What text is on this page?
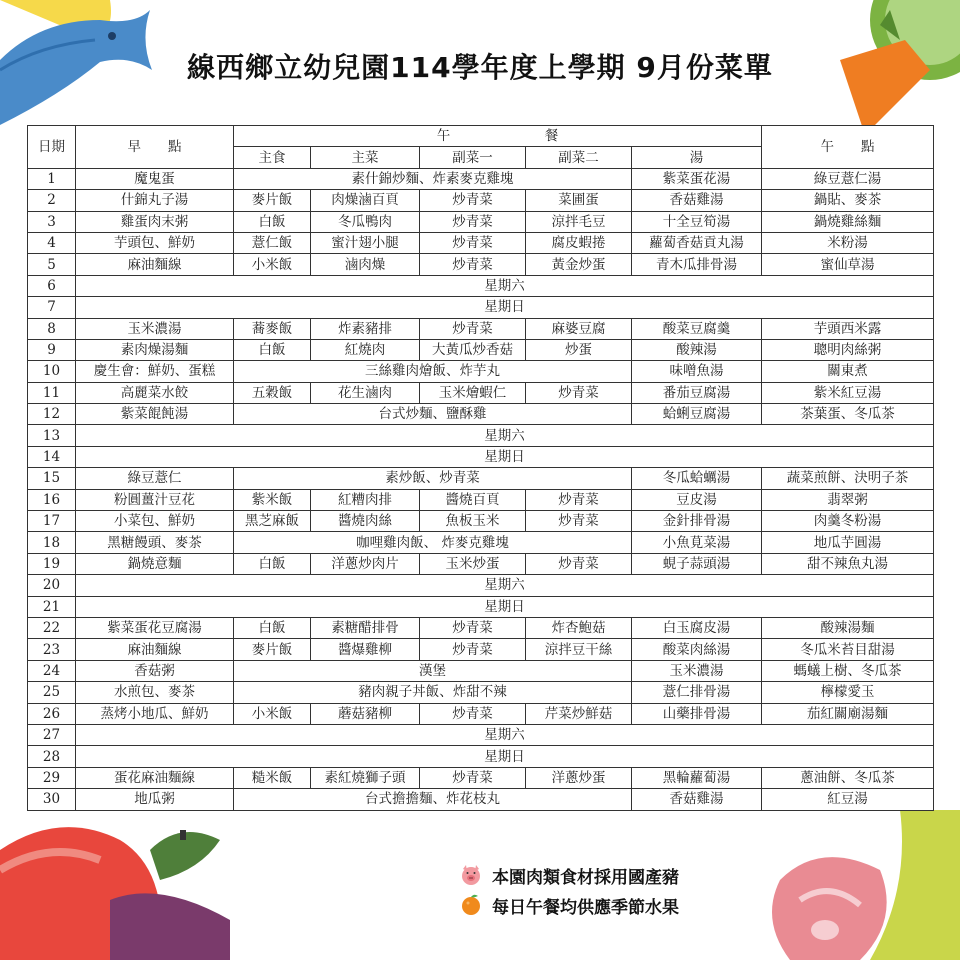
線西鄉立幼兒園114學年度上學期 9月份菜單
日期	早　　點	午　　　　　　　餐					午　　點
		主食	主菜	副菜一	副菜二	湯	
1	魔鬼蛋	素什錦炒麵、炸素麥克雞塊				紫菜蛋花湯	綠豆薏仁湯
2	什錦丸子湯	麥片飯	肉燥滷百頁	炒青菜	菜圃蛋	香菇雞湯	鍋貼、麥茶
3	雞蛋肉末粥	白飯	冬瓜鴨肉	炒青菜	涼拌毛豆	十全豆筍湯	鍋燒雞絲麵
4	芋頭包、鮮奶	薏仁飯	蜜汁翅小腿	炒青菜	腐皮蝦捲	蘿蔔香菇貢丸湯	米粉湯
5	麻油麵線	小米飯	滷肉燥	炒青菜	黃金炒蛋	青木瓜排骨湯	蜜仙草湯
6	星期六						
7	星期日						
8	玉米濃湯	蕎麥飯	炸素豬排	炒青菜	麻婆豆腐	酸菜豆腐羹	芋頭西米露
9	素肉燥湯麵	白飯	紅燒肉	大黃瓜炒香菇	炒蛋	酸辣湯	聰明肉絲粥
10	慶生會：鮮奶、蛋糕	三絲雞肉燴飯、炸芋丸				味噌魚湯	關東煮
11	高麗菜水餃	五穀飯	花生滷肉	玉米燴蝦仁	炒青菜	番茄豆腐湯	紫米紅豆湯
12	紫菜餛飩湯	台式炒麵、鹽酥雞				蛤蜊豆腐湯	茶葉蛋、冬瓜茶
13	星期六						
14	星期日						
15	綠豆薏仁	素炒飯、炒青菜				冬瓜蛤蠣湯	蔬菜煎餅、決明子茶
16	粉圓薑汁豆花	紫米飯	紅糟肉排	醬燒百頁	炒青菜	豆皮湯	翡翠粥
17	小菜包、鮮奶	黑芝麻飯	醬燒肉絲	魚板玉米	炒青菜	金針排骨湯	肉羹冬粉湯
18	黑糖饅頭、麥茶	咖哩雞肉飯、 炸麥克雞塊				小魚莧菜湯	地瓜芋圓湯
19	鍋燒意麵	白飯	洋蔥炒肉片	玉米炒蛋	炒青菜	蜆子蒜頭湯	甜不辣魚丸湯
20	星期六						
21	星期日						
22	紫菜蛋花豆腐湯	白飯	素糖醋排骨	炒青菜	炸杏鮑菇	白玉腐皮湯	酸辣湯麵
23	麻油麵線	麥片飯	醬爆雞柳	炒青菜	涼拌豆干絲	酸菜肉絲湯	冬瓜米苔目甜湯
24	香菇粥	漢堡				玉米濃湯	螞蟻上樹、冬瓜茶
25	水煎包、麥茶	豬肉親子丼飯、炸甜不辣				薏仁排骨湯	檸檬愛玉
26	蒸烤小地瓜、鮮奶	小米飯	蘑菇豬柳	炒青菜	芹菜炒鮮菇	山藥排骨湯	茄紅關廟湯麵
27	星期六						
28	星期日						
29	蛋花麻油麵線	糙米飯	素紅燒獅子頭	炒青菜	洋蔥炒蛋	黑輪蘿蔔湯	蔥油餅、冬瓜茶
30	地瓜粥	台式擔擔麵、炸花枝丸				香菇雞湯	紅豆湯
本園肉類食材採用國產豬
每日午餐均供應季節水果
